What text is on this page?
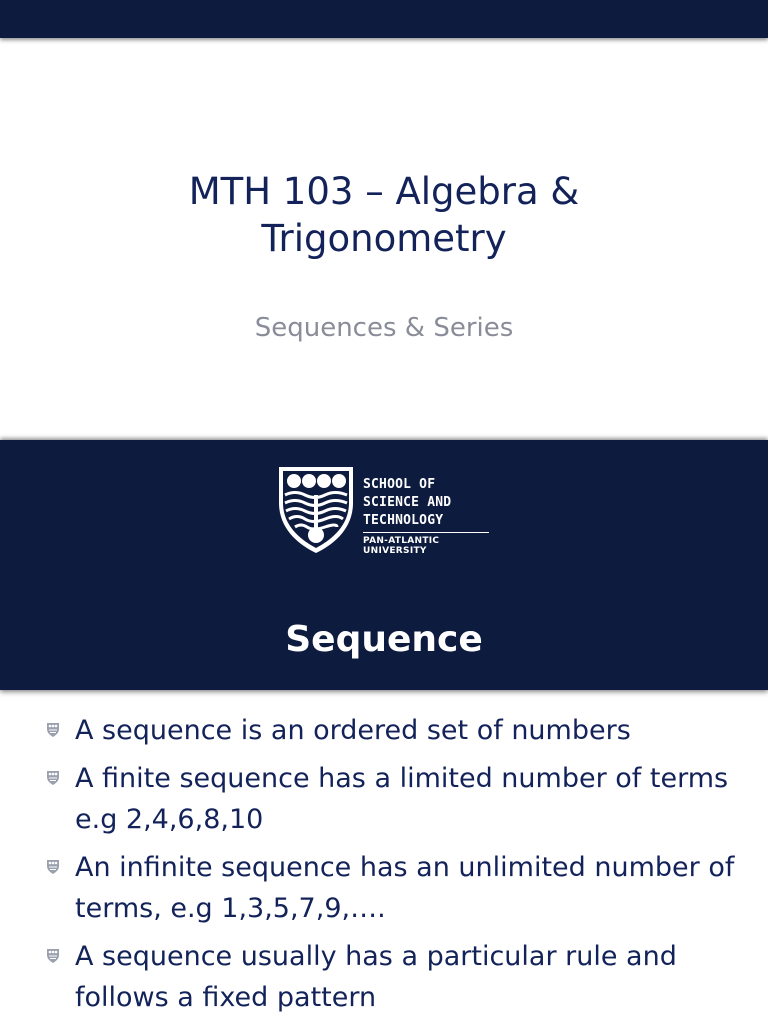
MTH 103 – Algebra &
Trigonometry
Sequences & Series
SCHOOL OF
SCIENCE AND
TECHNOLOGY
PAN-ATLANTIC UNIVERSITY
Sequence
A sequence is an ordered set of numbers
A finite sequence has a limited number of terms e.g 2,4,6,8,10
An infinite sequence has an unlimited number of terms, e.g 1,3,5,7,9,….
A sequence usually has a particular rule and follows a fixed pattern
